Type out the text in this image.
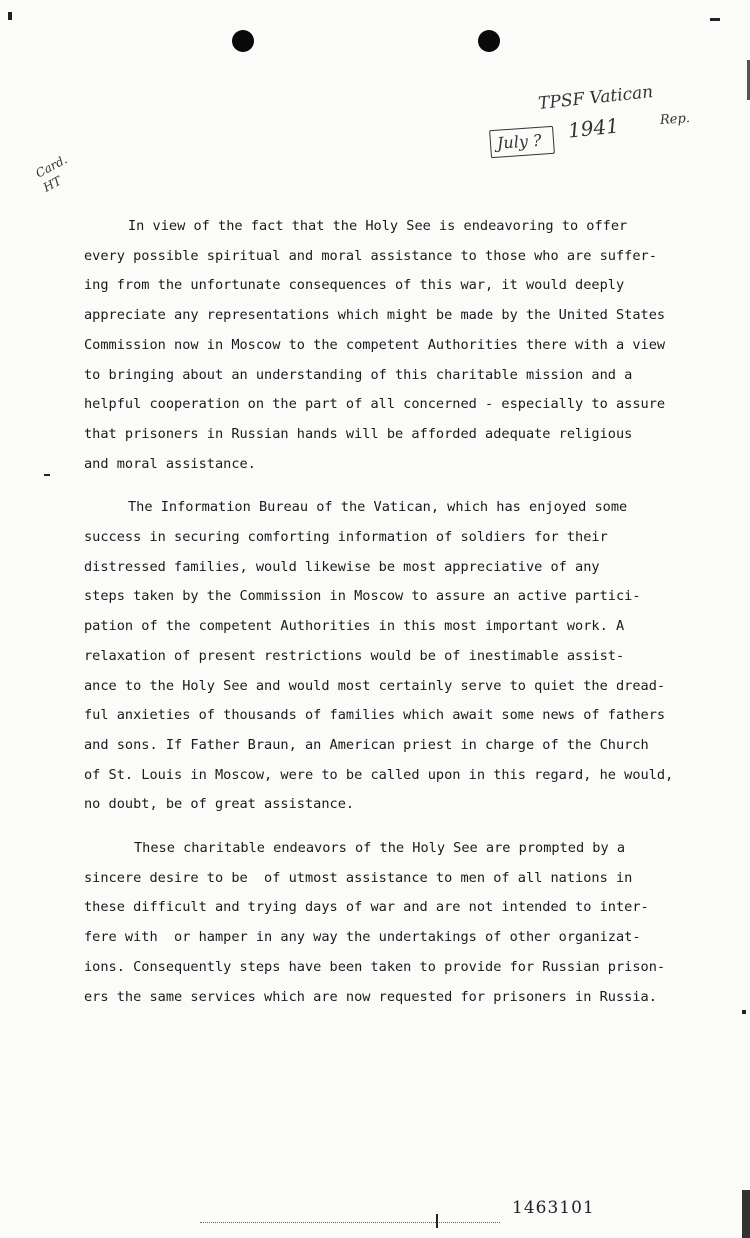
TPSF Vatican
Rep.
July ? 1941
Card. HT

In view of the fact that the Holy See is endeavoring to offer

every possible spiritual and moral assistance to those who are suffer-

ing from the unfortunate consequences of this war, it would deeply

appreciate any representations which might be made by the United States

Commission now in Moscow to the competent Authorities there with a view

to bringing about an understanding of this charitable mission and a

helpful cooperation on the part of all concerned - especially to assure

that prisoners in Russian hands will be afforded adequate religious

and moral assistance.

The Information Bureau of the Vatican, which has enjoyed some

success in securing comforting information of soldiers for their

distressed families, would likewise be most appreciative of any

steps taken by the Commission in Moscow to assure an active partici-

pation of the competent Authorities in this most important work. A

relaxation of present restrictions would be of inestimable assist-

ance to the Holy See and would most certainly serve to quiet the dread-

ful anxieties of thousands of families which await some news of fathers

and sons. If Father Braun, an American priest in charge of the Church

of St. Louis in Moscow, were to be called upon in this regard, he would,

no doubt, be of great assistance.

These charitable endeavors of the Holy See are prompted by a

sincere desire to be  of utmost assistance to men of all nations in

these difficult and trying days of war and are not intended to inter-

fere with  or hamper in any way the undertakings of other organizat-

ions. Consequently steps have been taken to provide for Russian prison-

ers the same services which are now requested for prisoners in Russia.

1463101
